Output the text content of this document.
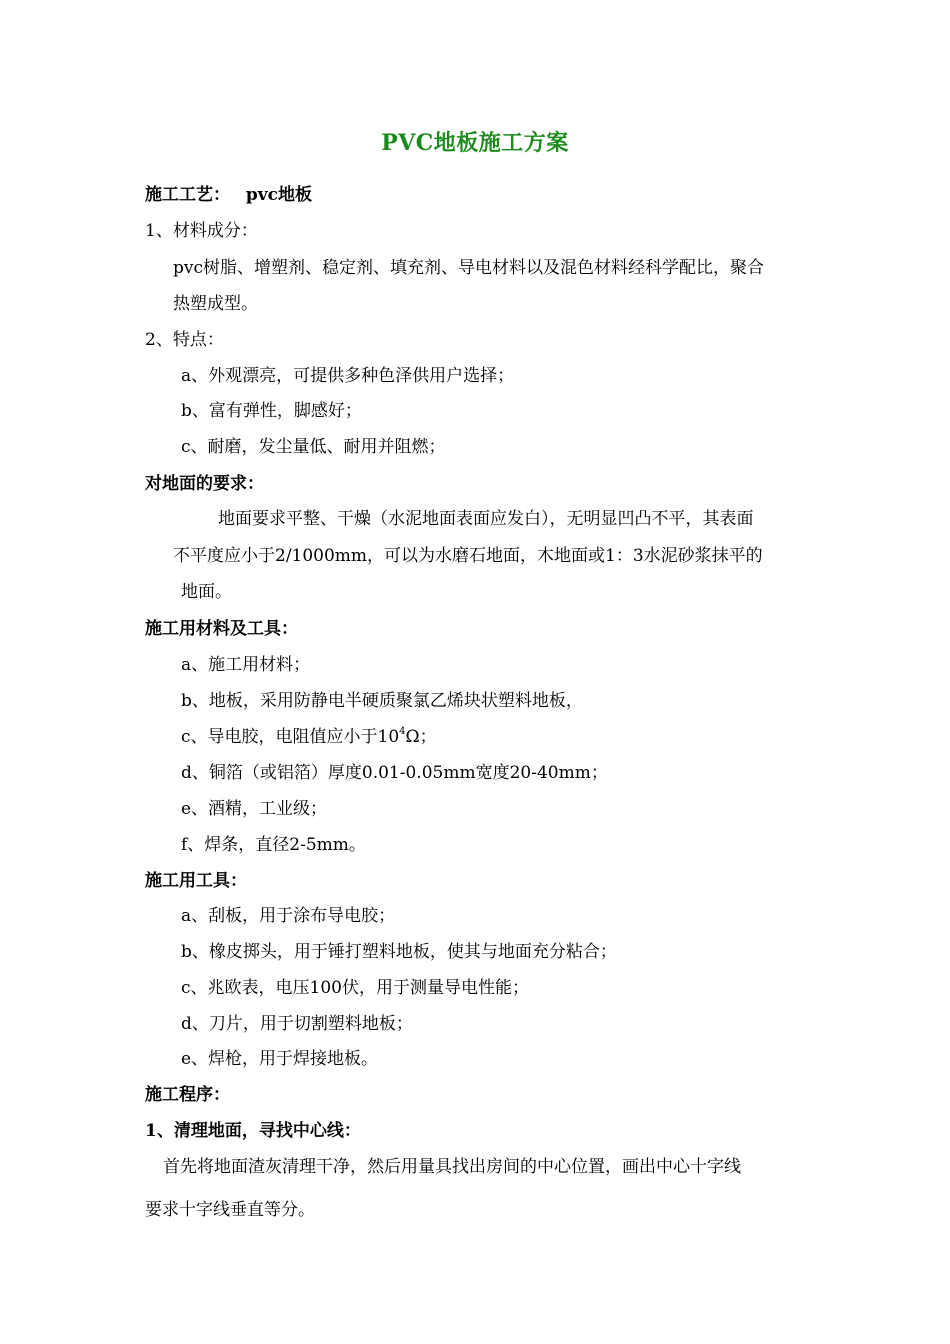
PVC地板施工方案
施工工艺： pvc地板
1、材料成分：
pvc树脂、增塑剂、稳定剂、填充剂、导电材料以及混色材料经科学配比，聚合
热塑成型。
2、特点：
a、外观漂亮，可提供多种色泽供用户选择；
b、富有弹性，脚感好；
c、耐磨，发尘量低、耐用并阻燃；
对地面的要求：
地面要求平整、干燥（水泥地面表面应发白），无明显凹凸不平，其表面
不平度应小于2/1000mm，可以为水磨石地面，木地面或1：3水泥砂浆抹平的
地面。
施工用材料及工具：
a、施工用材料；
b、地板，采用防静电半硬质聚氯乙烯块状塑料地板，
c、导电胶，电阻值应小于$10^4\Omega$；
d、铜箔（或铝箔）厚度0.01-0.05mm宽度20-40mm；
e、酒精，工业级；
f、焊条，直径2-5mm。
施工用工具：
a、刮板，用于涂布导电胶；
b、橡皮掷头，用于锤打塑料地板，使其与地面充分粘合；
c、兆欧表，电压100伏，用于测量导电性能；
d、刀片，用于切割塑料地板；
e、焊枪，用于焊接地板。
施工程序：
1、清理地面，寻找中心线：
首先将地面渣灰清理干净，然后用量具找出房间的中心位置，画出中心十字线
要求十字线垂直等分。
